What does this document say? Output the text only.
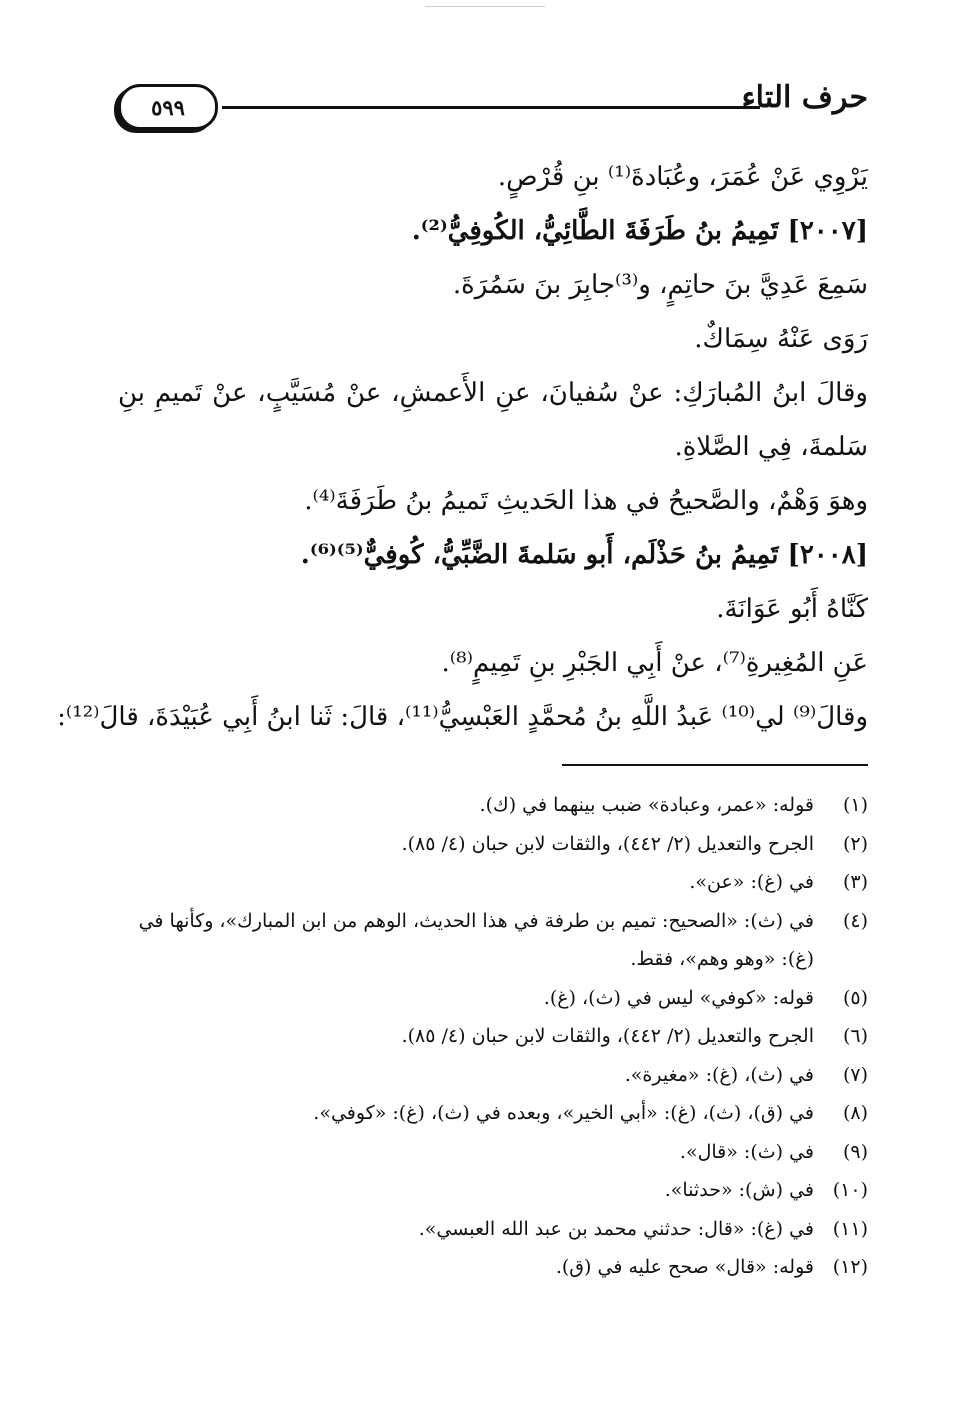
٥٩٩	حرف التاء

يَرْوِي عَنْ عُمَرَ، وعُبَادةَ⁽¹⁾ بنِ قُرْصٍ.

[٢٠٠٧] تَمِيمُ بنُ طَرَفَةَ الطَّائِيُّ، الكُوفِيُّ⁽²⁾.

سَمِعَ عَدِيَّ بنَ حاتِمٍ، و⁽³⁾جابِرَ بنَ سَمُرَةَ.

رَوَى عَنْهُ سِمَاكٌ.

وقالَ ابنُ المُبارَكِ: عنْ سُفيانَ، عنِ الأَعمشِ، عنْ مُسَيَّبٍ، عنْ تَميمِ بنِ سَلمةَ، فِي الصَّلاةِ.

وهوَ وَهْمٌ، والصَّحيحُ في هذا الحَديثِ تَميمُ بنُ طَرَفَةَ⁽⁴⁾.

[٢٠٠٨] تَمِيمُ بنُ حَذْلَم، أَبو سَلمةَ الضَّبِّيُّ، كُوفِيٌّ⁽⁵⁾⁽⁶⁾.

كَنَّاهُ أَبُو عَوَانَةَ.

عَنِ المُغِيرةِ⁽⁷⁾، عنْ أَبِي الجَبْرِ بنِ تَمِيمٍ⁽⁸⁾.

وقالَ⁽⁹⁾ لي⁽¹⁰⁾ عَبدُ اللَّهِ بنُ مُحمَّدٍ العَبْسِيُّ⁽¹¹⁾، قالَ: ثَنا ابنُ أَبِي عُبَيْدَةَ، قالَ⁽¹²⁾:

(١)
قوله: «عمر، وعبادة» ضبب بينهما في (ك).
(٢)
الجرح والتعديل (٢/ ٤٤٢)، والثقات لابن حبان (٤/ ٨٥).
(٣)
في (غ): «عن».
(٤)
في (ث): «الصحيح: تميم بن طرفة في هذا الحديث، الوهم من ابن المبارك»، وكأنها في (غ): «وهو وهم»، فقط.
(٥)
قوله: «كوفي» ليس في (ث)، (غ).
(٦)
الجرح والتعديل (٢/ ٤٤٢)، والثقات لابن حبان (٤/ ٨٥).
(٧)
في (ث)، (غ): «مغيرة».
(٨)
في (ق)، (ث)، (غ): «أبي الخير»، وبعده في (ث)، (غ): «كوفي».
(٩)
في (ث): «قال».
(١٠)
في (ش): «حدثنا».
(١١)
في (غ): «قال: حدثني محمد بن عبد الله العبسي».
(١٢)
قوله: «قال» صحح عليه في (ق).
